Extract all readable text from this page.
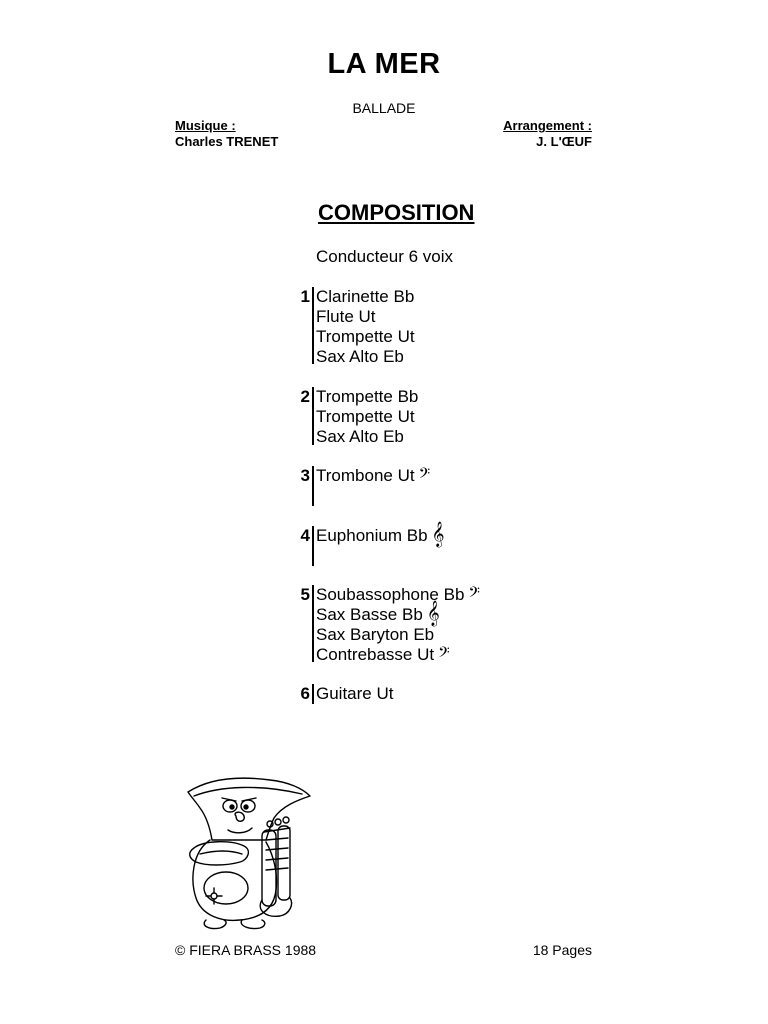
LA MER
BALLADE
Musique :
Charles TRENET
Arrangement :
J. L'ŒUF
COMPOSITION
Conducteur 6 voix
1 Clarinette Bb
Flute Ut
Trompette Ut
Sax Alto Eb
2 Trompette Bb
Trompette Ut
Sax Alto Eb
3 Trombone Ut 𝄢
4 Euphonium Bb 𝄞
5 Soubassophone Bb 𝄢
Sax Basse Bb 𝄞
Sax Baryton Eb
Contrebasse Ut 𝄢
6 Guitare Ut
© FIERA BRASS 1988	18 Pages
